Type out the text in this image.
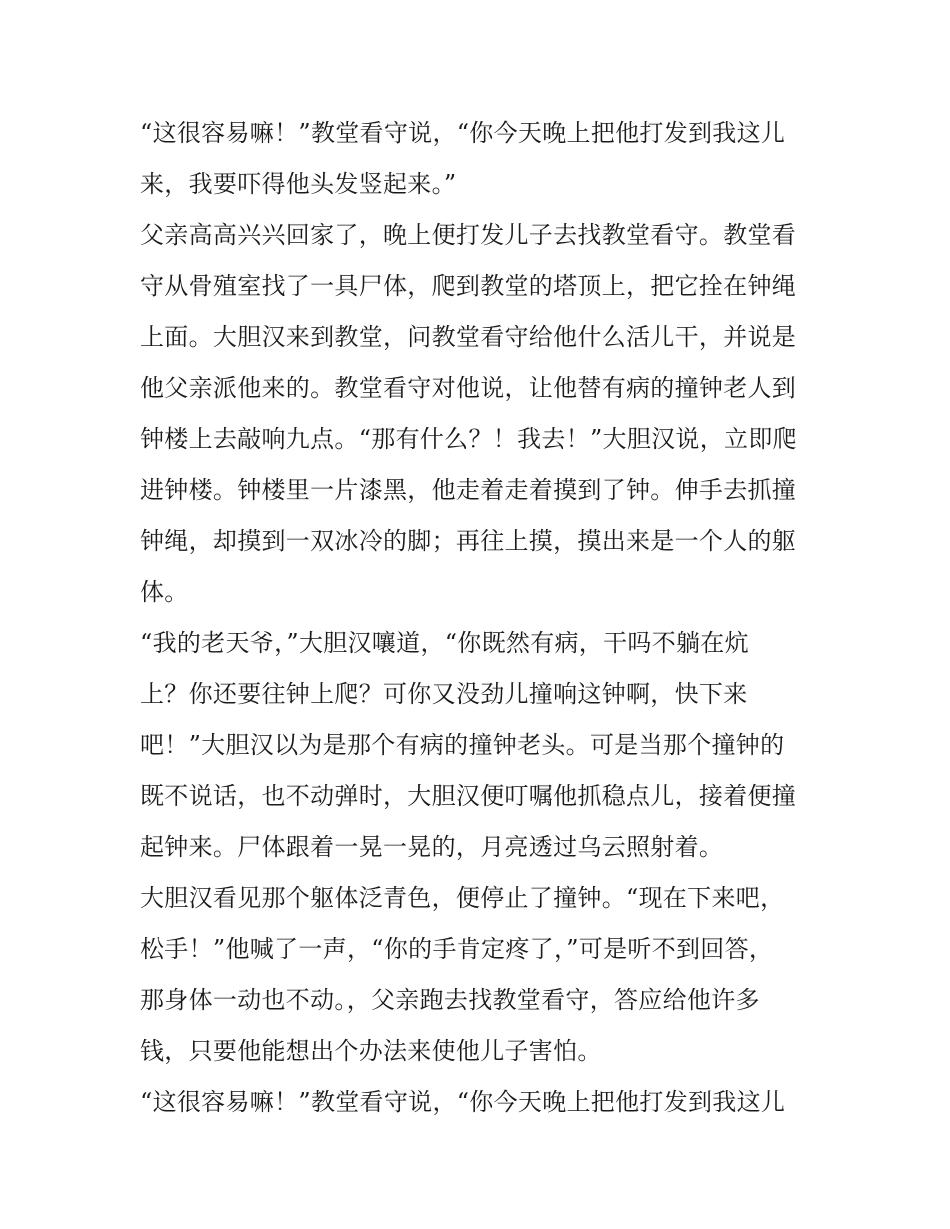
“这很容易嘛！”教堂看守说，“你今天晚上把他打发到我这儿
来，我要吓得他头发竖起来。”
父亲高高兴兴回家了，晚上便打发儿子去找教堂看守。教堂看
守从骨殖室找了一具尸体，爬到教堂的塔顶上，把它拴在钟绳
上面。大胆汉来到教堂，问教堂看守给他什么活儿干，并说是
他父亲派他来的。教堂看守对他说，让他替有病的撞钟老人到
钟楼上去敲响九点。“那有什么？！我去！”大胆汉说，立即爬
进钟楼。钟楼里一片漆黑，他走着走着摸到了钟。伸手去抓撞
钟绳，却摸到一双冰冷的脚；再往上摸，摸出来是一个人的躯
体。
“我的老天爷，”大胆汉嚷道，“你既然有病，干吗不躺在炕
上？你还要往钟上爬？可你又没劲儿撞响这钟啊，快下来
吧！”大胆汉以为是那个有病的撞钟老头。可是当那个撞钟的
既不说话，也不动弹时，大胆汉便叮嘱他抓稳点儿，接着便撞
起钟来。尸体跟着一晃一晃的，月亮透过乌云照射着。
大胆汉看见那个躯体泛青色，便停止了撞钟。“现在下来吧，
松手！”他喊了一声，“你的手肯定疼了，”可是听不到回答，
那身体一动也不动。，父亲跑去找教堂看守，答应给他许多
钱，只要他能想出个办法来使他儿子害怕。
“这很容易嘛！”教堂看守说，“你今天晚上把他打发到我这儿
